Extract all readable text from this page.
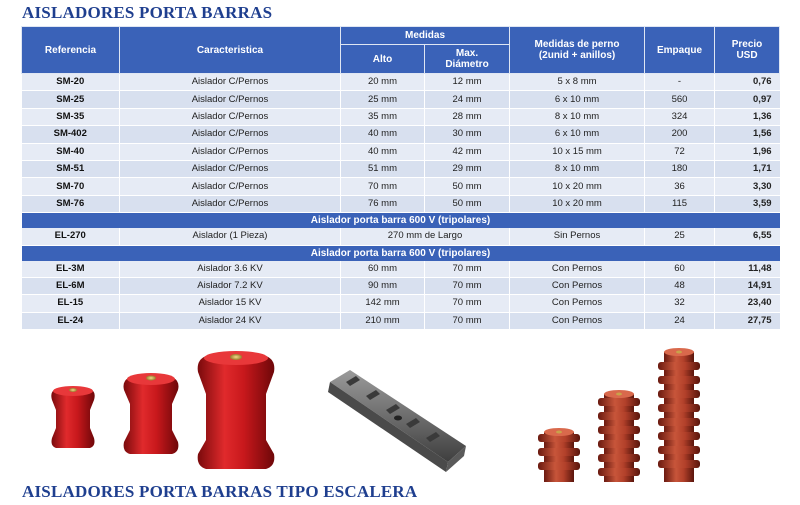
AISLADORES PORTA BARRAS
Referencia	Caracteristica	Medidas		Medidas de perno
(2unid + anillos)	Empaque	Precio
USD
		Alto	Max.
Diámetro			
SM-20	Aislador C/Pernos	20 mm	12 mm	5 x 8 mm	-	0,76
SM-25	Aislador C/Pernos	25 mm	24 mm	6 x 10 mm	560	0,97
SM-35	Aislador C/Pernos	35 mm	28 mm	8 x 10 mm	324	1,36
SM-402	Aislador C/Pernos	40 mm	30 mm	6 x 10 mm	200	1,56
SM-40	Aislador C/Pernos	40 mm	42 mm	10 x 15 mm	72	1,96
SM-51	Aislador C/Pernos	51 mm	29 mm	8 x 10 mm	180	1,71
SM-70	Aislador C/Pernos	70 mm	50 mm	10 x 20 mm	36	3,30
SM-76	Aislador C/Pernos	76 mm	50 mm	10 x 20 mm	115	3,59
Aislador porta barra 600 V (tripolares)						
EL-270	Aislador (1 Pieza)	270 mm de Largo		Sin Pernos	25	6,55
Aislador porta barra 600 V (tripolares)						
EL-3M	Aislador 3.6 KV	60 mm	70 mm	Con Pernos	60	11,48
EL-6M	Aislador 7.2 KV	90 mm	70 mm	Con Pernos	48	14,91
EL-15	Aislador 15 KV	142 mm	70 mm	Con Pernos	32	23,40
EL-24	Aislador 24 KV	210 mm	70 mm	Con Pernos	24	27,75
AISLADORES PORTA BARRAS TIPO ESCALERA
